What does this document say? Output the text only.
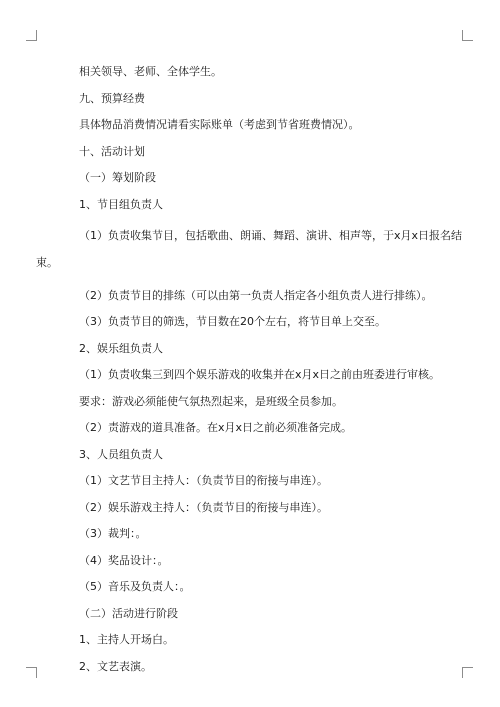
相关领导、老师、全体学生。
九、预算经费
具体物品消费情况请看实际账单（考虑到节省班费情况）。
十、活动计划
（一）筹划阶段
1、节目组负责人
（1）负责收集节目，包括歌曲、朗诵、舞蹈、演讲、相声等，于x月x日报名结束。
（2）负责节目的排练（可以由第一负责人指定各小组负责人进行排练）。
（3）负责节目的筛选，节目数在20个左右，将节目单上交至。
2、娱乐组负责人
（1）负责收集三到四个娱乐游戏的收集并在x月x日之前由班委进行审核。
要求：游戏必须能使气氛热烈起来，是班级全员参加。
（2）责游戏的道具准备。在x月x日之前必须准备完成。
3、人员组负责人
（1）文艺节目主持人：（负责节目的衔接与串连）。
（2）娱乐游戏主持人：（负责节目的衔接与串连）。
（3）裁判：。
（4）奖品设计：。
（5）音乐及负责人：。
（二）活动进行阶段
1、主持人开场白。
2、文艺表演。
